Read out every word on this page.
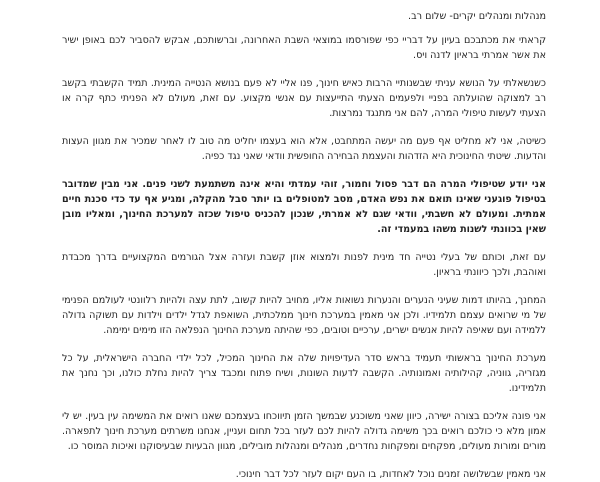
מנהלות ומנהלים יקרים- שלום רב.

קראתי את מכתבכם בעיון על דבריי כפי שפורסמו במוצאי השבת האחרונה, וברשותכם, אבקש להסביר לכם באופן ישיר את אשר אמרתי בראיון לדנה ויס.

כשנשאלתי על הנושא עניתי שבשנותיי הרבות כאיש חינוך, פנו אליי לא פעם בנושא הנטייה המינית. תמיד הקשבתי בקשב רב למצוקה שהועלתה בפניי ולפעמים הצעתי התייעצות עם אנשי מקצוע. עם זאת, מעולם לא הפניתי כתף קרה או הצעתי לעשות טיפולי המרה, להם אני מתנגד נמרצות.

כשיטה, אני לא מחליט אף פעם מה יעשה המתחבט, אלא הוא בעצמו יחליט מה טוב לו לאחר שמכיר את מגוון העצות והדעות. שיטתי החינוכית היא הזדהות והעצמת הבחירה החופשית וודאי שאני נגד כפיה.

אני יודע שטיפולי המרה הם דבר פסול וחמור, זוהי עמדתי והיא אינה משתמעת לשני פנים. אני מבין שמדובר בטיפול פוגעני שאינו תואם את נפש האדם, מסב למטופלים בו יותר סבל מהקלה, ומגיע אף עד כדי סכנת חיים אמתית. ומעולם לא חשבתי, וודאי שגם לא אמרתי, שנכון להכניס טיפול שכזה למערכת החינוך, ומאליו מובן שאין בכוונתי לשנות משהו במעמדי זה.

עם זאת, וכותם של בעלי נטייה חד מינית לפנות ולמצוא אוזן קשבת ועזרה אצל הגורמים המקצועיים בדרך מכבדת ואוהבת, ולכך כיוונתי בראיון.

המחנך, בהיותו דמות שעיני הנערים והנערות נשואות אליו, מחויב להיות קשוב, לתת עצה ולהיות רלוונטי לעולמם הפנימי של מי שרואים עצמם תלמידיו. ולכן אני מאמין במערכת חינוך ממלכתית, השואפת לגדל ילדים וילדות עם תשוקה גדולה ללמידה ועם שאיפה להיות אנשים ישרים, ערכיים וטובים, כפי שהיתה מערכת החינוך הנפלאה הזו מימים ימימה.

מערכת החינוך בראשותי תעמיד בראש סדר העדיפויות שלה את החינוך המכיל, לכל ילדי החברה הישראלית, על כל מגזריה, גווניה, קהילותיה ואמונותיה. הקשבה לדעות השונות, ושיח פתוח ומכבד צריך להיות נחלת כולנו, וכך נחנך את תלמידינו.

אני פונה אליכם בצורה ישירה, כיוון שאני משוכנע שבמשך הזמן תיווכחו בעצמכם שאנו רואים את המשימה עין בעין. יש לי אמון מלא כי כולכם רואים בכך משימה גדולה להיות לכם לעזר בכל תחום ועניין, אנחנו משרתים מערכת חינוך לתפארה. מורים ומורות מעולים, מפקחים ומפקחות נחדרים, מנהלים ומנהלות מובילים, מגוון הבעיות שבעיסוקנו ואיכות המוסר כו.

אני מאמין שבשלושה זמנים נוכל לאחדות, בו העם יקום לעזר לכל דבר חינוכי.
